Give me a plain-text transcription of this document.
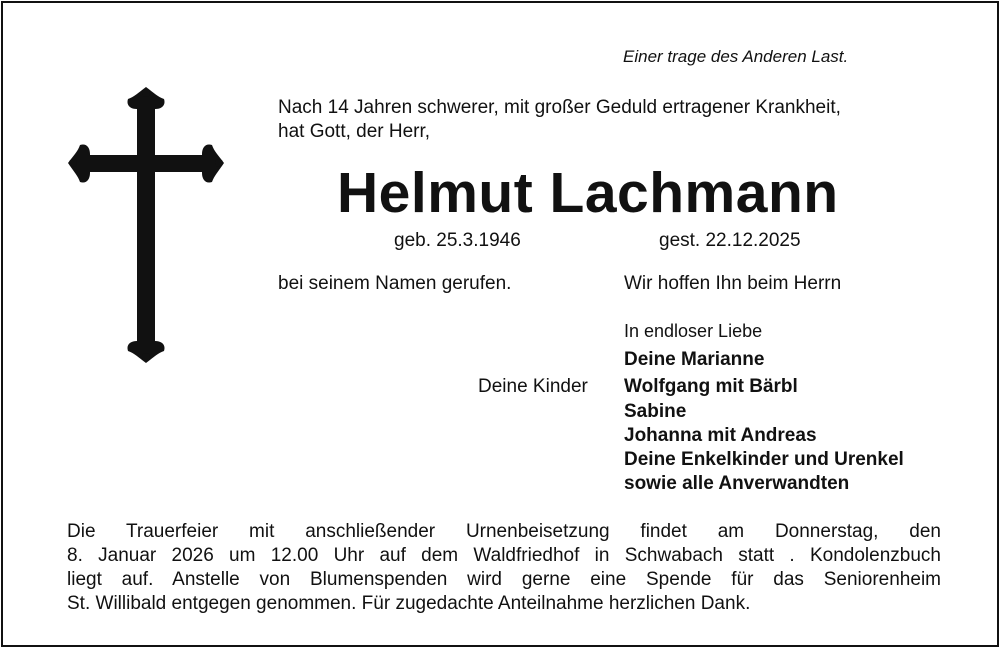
Einer trage des Anderen Last.
Nach 14 Jahren schwerer, mit großer Geduld ertragener Krankheit,
hat Gott, der Herr,
Helmut Lachmann
geb. 25.3.1946	gest. 22.12.2025
bei seinem Namen gerufen.	Wir hoffen Ihn beim Herrn
In endloser Liebe
Deine Marianne
Deine Kinder Wolfgang mit Bärbl
Sabine
Johanna mit Andreas
Deine Enkelkinder und Urenkel
sowie alle Anverwandten
Die Trauerfeier mit anschließender Urnenbeisetzung findet am Donnerstag, den
8. Januar 2026 um 12.00 Uhr auf dem Waldfriedhof in Schwabach statt . Kondolenzbuch
liegt auf. Anstelle von Blumenspenden wird gerne eine Spende für das Seniorenheim
St. Willibald entgegen genommen. Für zugedachte Anteilnahme herzlichen Dank.
